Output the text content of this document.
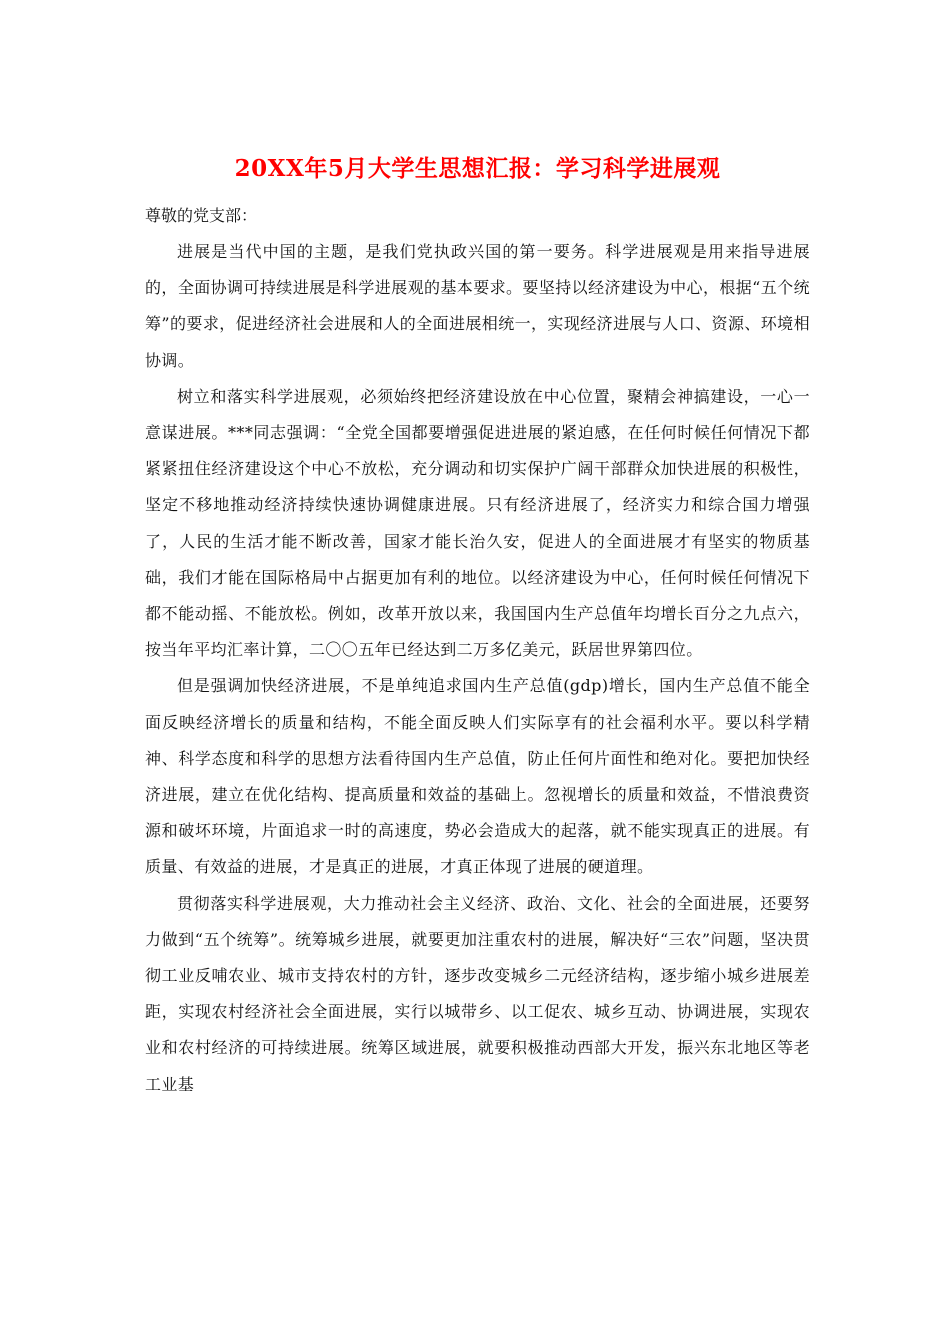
20XX年5月大学生思想汇报：学习科学进展观

尊敬的党支部：

进展是当代中国的主题，是我们党执政兴国的第一要务。科学进展观是用来指导进展的，全面协调可持续进展是科学进展观的基本要求。要坚持以经济建设为中心，根据“五个统筹”的要求，促进经济社会进展和人的全面进展相统一，实现经济进展与人口、资源、环境相协调。

树立和落实科学进展观，必须始终把经济建设放在中心位置，聚精会神搞建设，一心一意谋进展。***同志强调：“全党全国都要增强促进进展的紧迫感，在任何时候任何情况下都紧紧扭住经济建设这个中心不放松，充分调动和切实保护广阔干部群众加快进展的积极性，坚定不移地推动经济持续快速协调健康进展。只有经济进展了，经济实力和综合国力增强了，人民的生活才能不断改善，国家才能长治久安，促进人的全面进展才有坚实的物质基础，我们才能在国际格局中占据更加有利的地位。以经济建设为中心，任何时候任何情况下都不能动摇、不能放松。例如，改革开放以来，我国国内生产总值年均增长百分之九点六，按当年平均汇率计算，二〇〇五年已经达到二万多亿美元，跃居世界第四位。

但是强调加快经济进展，不是单纯追求国内生产总值(gdp)增长，国内生产总值不能全面反映经济增长的质量和结构，不能全面反映人们实际享有的社会福利水平。要以科学精神、科学态度和科学的思想方法看待国内生产总值，防止任何片面性和绝对化。要把加快经济进展，建立在优化结构、提高质量和效益的基础上。忽视增长的质量和效益，不惜浪费资源和破坏环境，片面追求一时的高速度，势必会造成大的起落，就不能实现真正的进展。有质量、有效益的进展，才是真正的进展，才真正体现了进展的硬道理。

贯彻落实科学进展观，大力推动社会主义经济、政治、文化、社会的全面进展，还要努力做到“五个统筹”。统筹城乡进展，就要更加注重农村的进展，解决好“三农”问题，坚决贯彻工业反哺农业、城市支持农村的方针，逐步改变城乡二元经济结构，逐步缩小城乡进展差距，实现农村经济社会全面进展，实行以城带乡、以工促农、城乡互动、协调进展，实现农业和农村经济的可持续进展。统筹区域进展，就要积极推动西部大开发，振兴东北地区等老工业基
